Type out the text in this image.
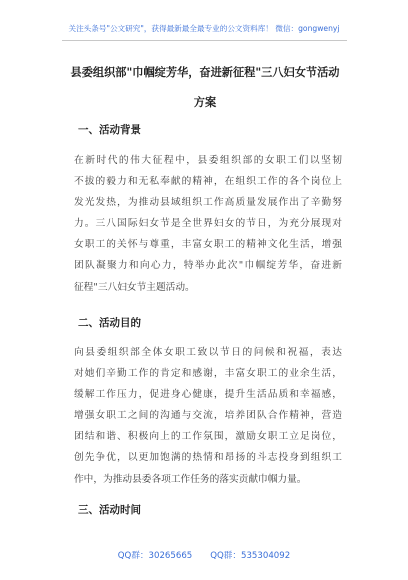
关注头条号"公文研究"，获得最新最全最专业的公文资料库！ 微信：gongwenyj
县委组织部"巾帼绽芳华，奋进新征程"三八妇女节活动
方案
一、活动背景
在新时代的伟大征程中，县委组织部的女职工们以坚韧
不拔的毅力和无私奉献的精神，在组织工作的各个岗位上
发光发热，为推动县域组织工作高质量发展作出了辛勤努
力。三八国际妇女节是全世界妇女的节日，为充分展现对
女职工的关怀与尊重，丰富女职工的精神文化生活，增强
团队凝聚力和向心力，特举办此次"巾帼绽芳华，奋进新
征程"三八妇女节主题活动。
二、活动目的
向县委组织部全体女职工致以节日的问候和祝福，表达
对她们辛勤工作的肯定和感谢，丰富女职工的业余生活，
缓解工作压力，促进身心健康，提升生活品质和幸福感，
增强女职工之间的沟通与交流，培养团队合作精神，营造
团结和谐、积极向上的工作氛围，激励女职工立足岗位，
创先争优，以更加饱满的热情和昂扬的斗志投身到组织工
作中，为推动县委各项工作任务的落实贡献巾帼力量。
三、活动时间
QQ群：30265665 QQ群：535304092
